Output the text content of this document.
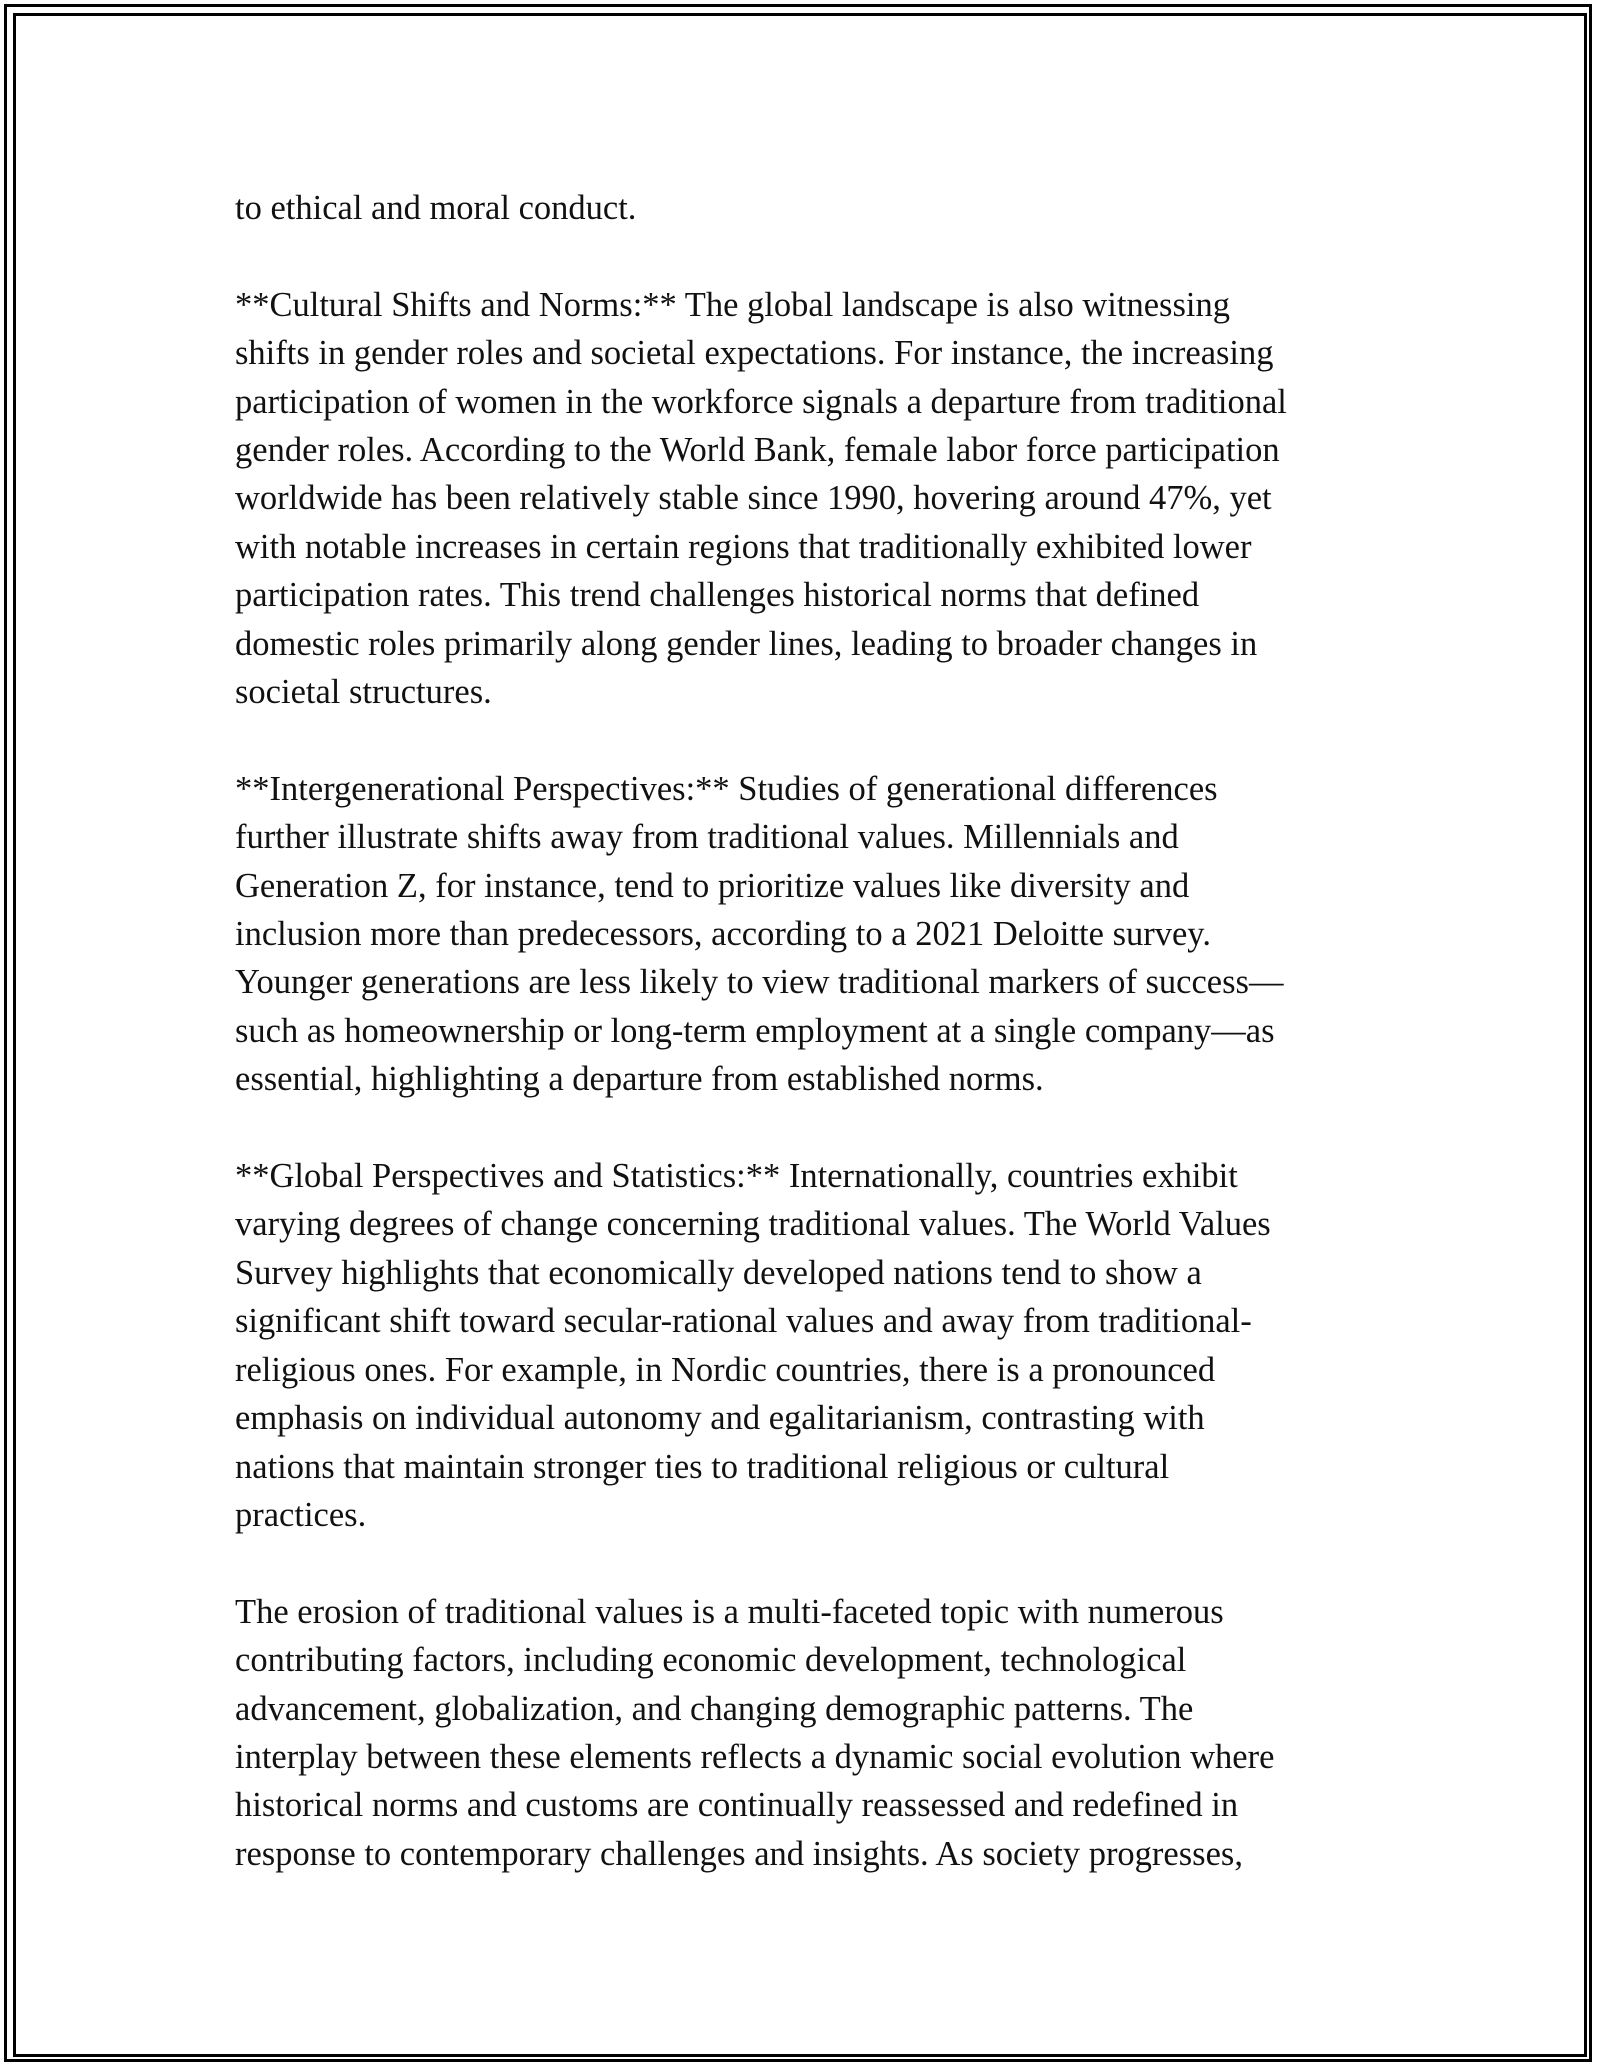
to ethical and moral conduct.

**Cultural Shifts and Norms:** The global landscape is also witnessing
shifts in gender roles and societal expectations. For instance, the increasing
participation of women in the workforce signals a departure from traditional
gender roles. According to the World Bank, female labor force participation
worldwide has been relatively stable since 1990, hovering around 47%, yet
with notable increases in certain regions that traditionally exhibited lower
participation rates. This trend challenges historical norms that defined
domestic roles primarily along gender lines, leading to broader changes in
societal structures.

**Intergenerational Perspectives:** Studies of generational differences
further illustrate shifts away from traditional values. Millennials and
Generation Z, for instance, tend to prioritize values like diversity and
inclusion more than predecessors, according to a 2021 Deloitte survey.
Younger generations are less likely to view traditional markers of success—
such as homeownership or long-term employment at a single company—as
essential, highlighting a departure from established norms.

**Global Perspectives and Statistics:** Internationally, countries exhibit
varying degrees of change concerning traditional values. The World Values
Survey highlights that economically developed nations tend to show a
significant shift toward secular-rational values and away from traditional-
religious ones. For example, in Nordic countries, there is a pronounced
emphasis on individual autonomy and egalitarianism, contrasting with
nations that maintain stronger ties to traditional religious or cultural
practices.

The erosion of traditional values is a multi-faceted topic with numerous
contributing factors, including economic development, technological
advancement, globalization, and changing demographic patterns. The
interplay between these elements reflects a dynamic social evolution where
historical norms and customs are continually reassessed and redefined in
response to contemporary challenges and insights. As society progresses,
